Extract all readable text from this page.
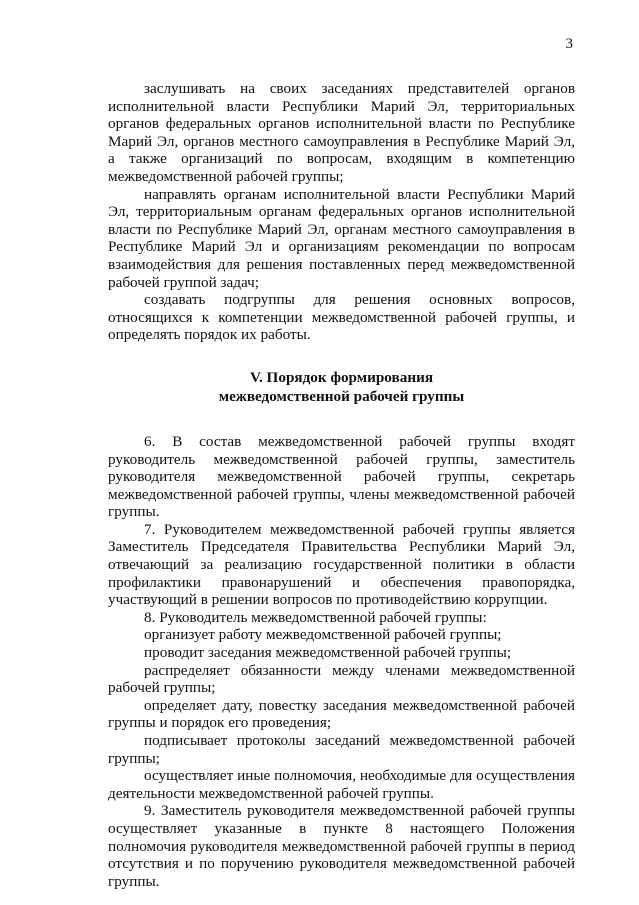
3

заслушивать на своих заседаниях представителей органов исполнительной власти Республики Марий Эл, территориальных органов федеральных органов исполнительной власти по Республике Марий Эл, органов местного самоуправления в Республике Марий Эл, а также организаций по вопросам, входящим в компетенцию межведомственной рабочей группы;

направлять органам исполнительной власти Республики Марий Эл, территориальным органам федеральных органов исполнительной власти по Республике Марий Эл, органам местного самоуправления в Республике Марий Эл и организациям рекомендации по вопросам взаимодействия для решения поставленных перед межведомственной рабочей группой задач;

создавать подгруппы для решения основных вопросов, относящихся к компетенции межведомственной рабочей группы, и определять порядок их работы.

V. Порядок формирования
межведомственной рабочей группы

6. В состав межведомственной рабочей группы входят руководитель межведомственной рабочей группы, заместитель руководителя межведомственной рабочей группы, секретарь межведомственной рабочей группы, члены межведомственной рабочей группы.

7. Руководителем межведомственной рабочей группы является Заместитель Председателя Правительства Республики Марий Эл, отвечающий за реализацию государственной политики в области профилактики правонарушений и обеспечения правопорядка, участвующий в решении вопросов по противодействию коррупции.

8. Руководитель межведомственной рабочей группы:

организует работу межведомственной рабочей группы;

проводит заседания межведомственной рабочей группы;

распределяет обязанности между членами межведомственной рабочей группы;

определяет дату, повестку заседания межведомственной рабочей группы и порядок его проведения;

подписывает протоколы заседаний межведомственной рабочей группы;

осуществляет иные полномочия, необходимые для осуществления деятельности межведомственной рабочей группы.

9. Заместитель руководителя межведомственной рабочей группы осуществляет указанные в пункте 8 настоящего Положения полномочия руководителя межведомственной рабочей группы в период отсутствия и по поручению руководителя межведомственной рабочей группы.
